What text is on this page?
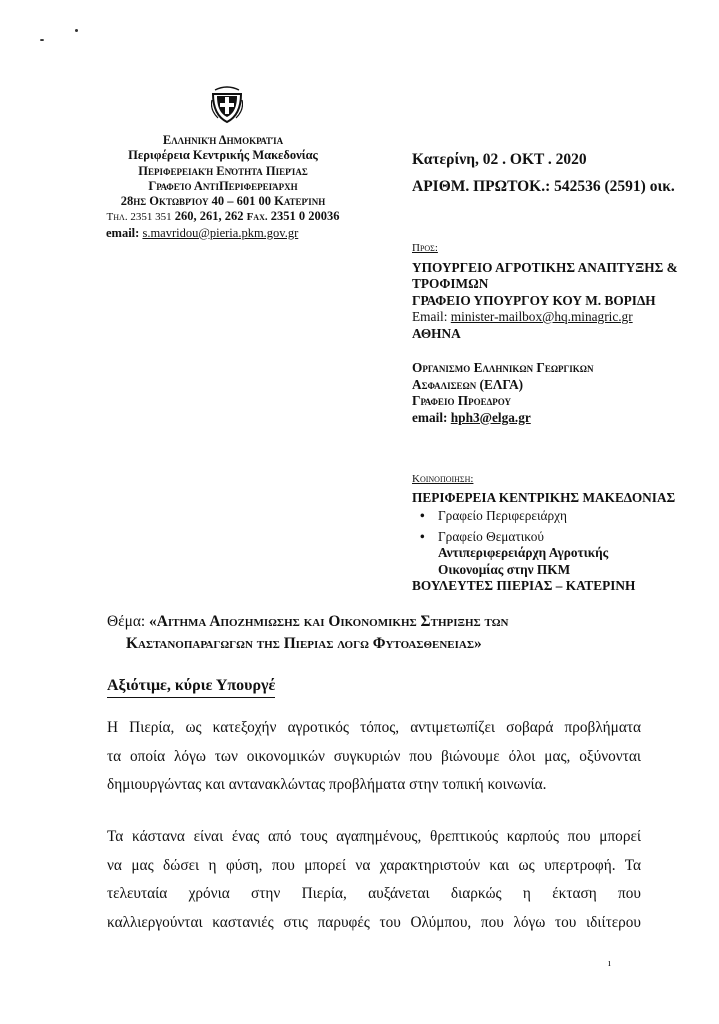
Ελληνική Δημοκρατία
Περιφέρεια Κεντρικής Μακεδονίας
Περιφερειακή Ενότητα Πιερίας
Γραφείο ΑντιΠεριφερειάρχη
28ης Οκτωβρίου 40 – 601 00 Κατερίνη
Τηλ. 2351 351 260, 261, 262 Fax. 2351 0 20036
email: s.mavridou@pieria.pkm.gov.gr
Κατερίνη, 02 . ΟΚΤ . 2020
ΑΡΙΘΜ. ΠΡΩΤΟΚ.: 542536 (2591) οικ.
Προς:
ΥΠΟΥΡΓΕΙΟ ΑΓΡΟΤΙΚΗΣ ΑΝΑΠΤΥΞΗΣ &
ΤΡΟΦΙΜΩΝ
ΓΡΑΦΕΙΟ ΥΠΟΥΡΓΟΥ ΚΟΥ Μ. ΒΟΡΙΔΗ
Email: minister-mailbox@hq.minagric.gr
ΑΘΗΝΑ
Οργανισμο Ελληνικων Γεωργικων
Ασφαλισεων (ΕΛΓΑ)
Γραφειο Προεδρου
email: hph3@elga.gr
Κοινοποιηση:
ΠΕΡΙΦΕΡΕΙΑ ΚΕΝΤΡΙΚΗΣ ΜΑΚΕΔΟΝΙΑΣ
• Γραφείο Περιφερειάρχη
• Γραφείο Θεματικού
Αντιπεριφερειάρχη Αγροτικής
Οικονομίας στην ΠΚΜ
ΒΟΥΛΕΥΤΕΣ ΠΙΕΡΙΑΣ – ΚΑΤΕΡΙΝΗ
Θέμα: «Αιτημα Αποζημιωσης και Οικονομικης Στηριξης των
Καστανοπαραγωγων της Πιεριας λογω Φυτοασθενειας»
Αξιότιμε, κύριε Υπουργέ
Η Πιερία, ως κατεξοχήν αγροτικός τόπος, αντιμετωπίζει σοβαρά προβλήματα
τα οποία λόγω των οικονομικών συγκυριών που βιώνουμε όλοι μας, οξύνονται
δημιουργώντας και αντανακλώντας προβλήματα στην τοπική κοινωνία.
Τα κάστανα είναι ένας από τους αγαπημένους, θρεπτικούς καρπούς που μπορεί
να μας δώσει η φύση, που μπορεί να χαρακτηριστούν και ως υπερτροφή. Τα
τελευταία χρόνια στην Πιερία, αυξάνεται διαρκώς η έκταση που
καλλιεργούνται καστανιές στις παρυφές του Ολύμπου, που λόγω του ιδιίτερου
ı
